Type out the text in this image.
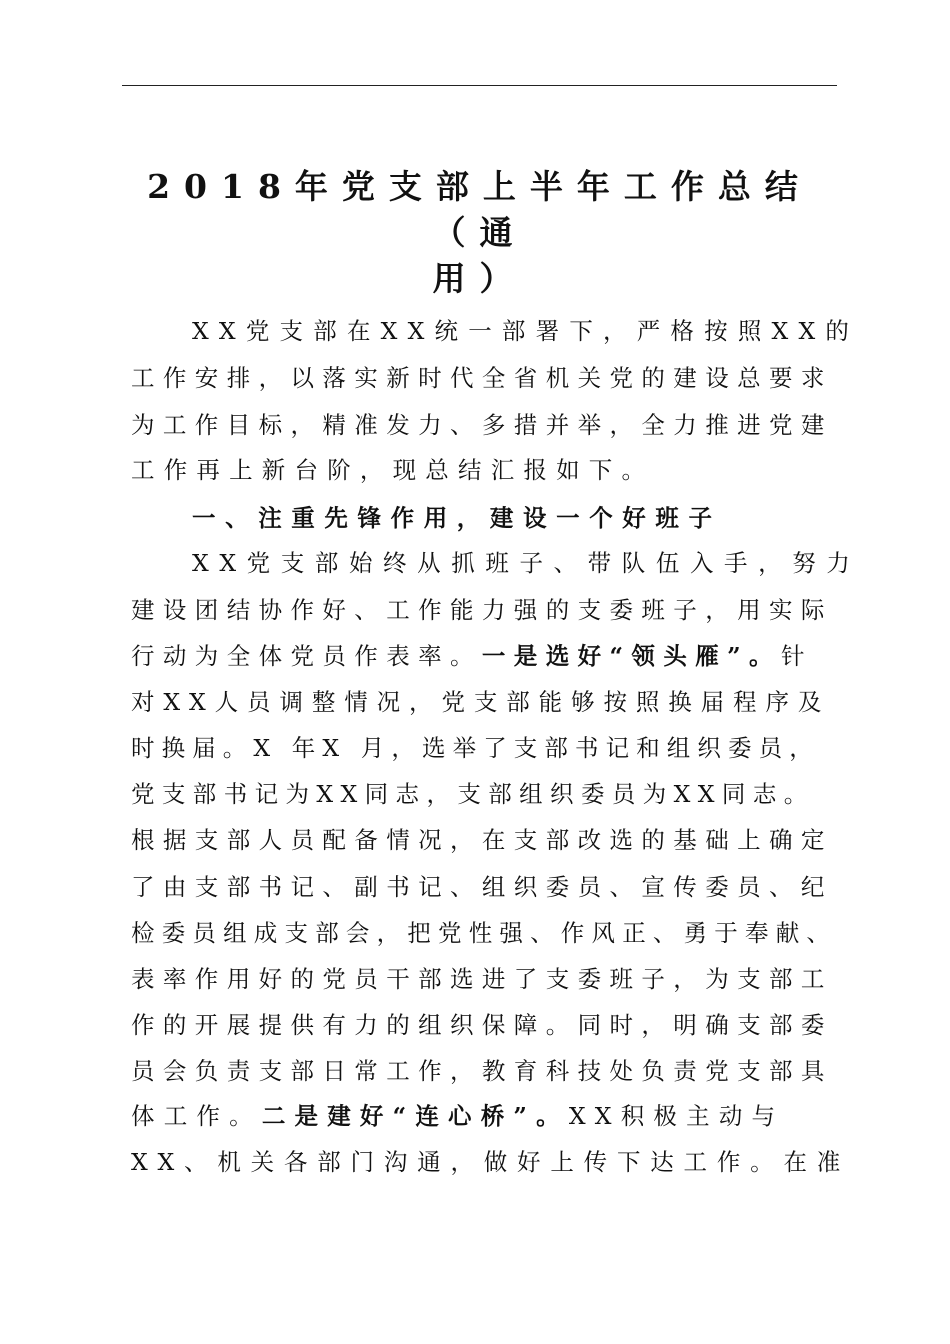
2018年党支部上半年工作总结（通
用）
XX党支部在XX统一部署下，严格按照XX的
工作安排，以落实新时代全省机关党的建设总要求
为工作目标，精准发力、多措并举，全力推进党建
工作再上新台阶，现总结汇报如下。
一、注重先锋作用，建设一个好班子
XX党支部始终从抓班子、带队伍入手，努力
建设团结协作好、工作能力强的支委班子，用实际
行动为全体党员作表率。一是选好“领头雁”。针
对XX人员调整情况，党支部能够按照换届程序及
时换届。X 年X 月，选举了支部书记和组织委员，
党支部书记为XX同志，支部组织委员为XX同志。
根据支部人员配备情况，在支部改选的基础上确定
了由支部书记、副书记、组织委员、宣传委员、纪
检委员组成支部会，把党性强、作风正、勇于奉献、
表率作用好的党员干部选进了支委班子，为支部工
作的开展提供有力的组织保障。同时，明确支部委
员会负责支部日常工作，教育科技处负责党支部具
体工作。二是建好“连心桥”。XX积极主动与
XX、机关各部门沟通，做好上传下达工作。在准
